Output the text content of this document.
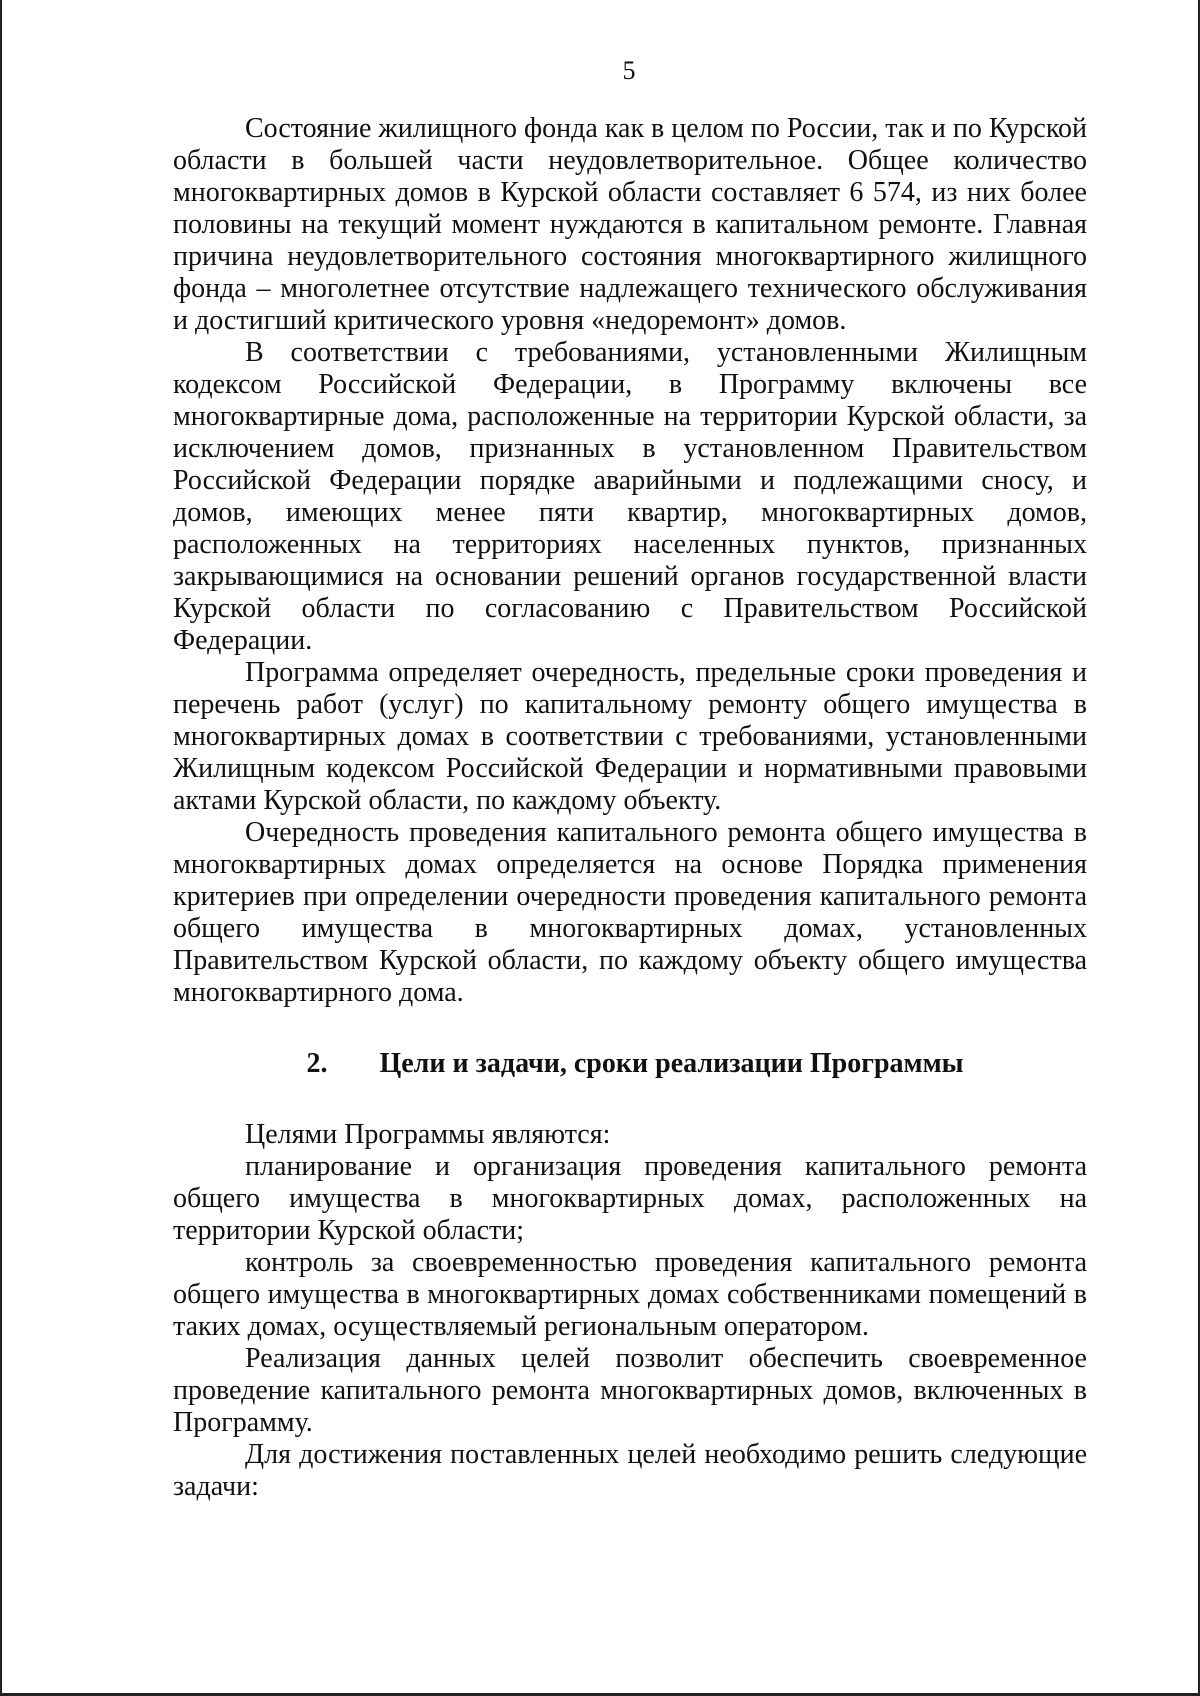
5

Состояние жилищного фонда как в целом по России, так и по Курской области в большей части неудовлетворительное. Общее количество многоквартирных домов в Курской области составляет 6 574, из них более половины на текущий момент нуждаются в капитальном ремонте. Главная причина неудовлетворительного состояния многоквартирного жилищного фонда – многолетнее отсутствие надлежащего технического обслуживания и достигший критического уровня «недоремонт» домов.

В соответствии с требованиями, установленными Жилищным кодексом Российской Федерации, в Программу включены все многоквартирные дома, расположенные на территории Курской области, за исключением домов, признанных в установленном Правительством Российской Федерации порядке аварийными и подлежащими сносу, и домов, имеющих менее пяти квартир, многоквартирных домов, расположенных на территориях населенных пунктов, признанных закрывающимися на основании решений органов государственной власти Курской области по согласованию с Правительством Российской Федерации.

Программа определяет очередность, предельные сроки проведения и перечень работ (услуг) по капитальному ремонту общего имущества в многоквартирных домах в соответствии с требованиями, установленными Жилищным кодексом Российской Федерации и нормативными правовыми актами Курской области, по каждому объекту.

Очередность проведения капитального ремонта общего имущества в многоквартирных домах определяется на основе Порядка применения критериев при определении очередности проведения капитального ремонта общего имущества в многоквартирных домах, установленных Правительством Курской области, по каждому объекту общего имущества многоквартирного дома.

2. Цели и задачи, сроки реализации Программы

Целями Программы являются:

планирование и организация проведения капитального ремонта общего имущества в многоквартирных домах, расположенных на территории Курской области;

контроль за своевременностью проведения капитального ремонта общего имущества в многоквартирных домах собственниками помещений в таких домах, осуществляемый региональным оператором.

Реализация данных целей позволит обеспечить своевременное проведение капитального ремонта многоквартирных домов, включенных в Программу.

Для достижения поставленных целей необходимо решить следующие задачи:
